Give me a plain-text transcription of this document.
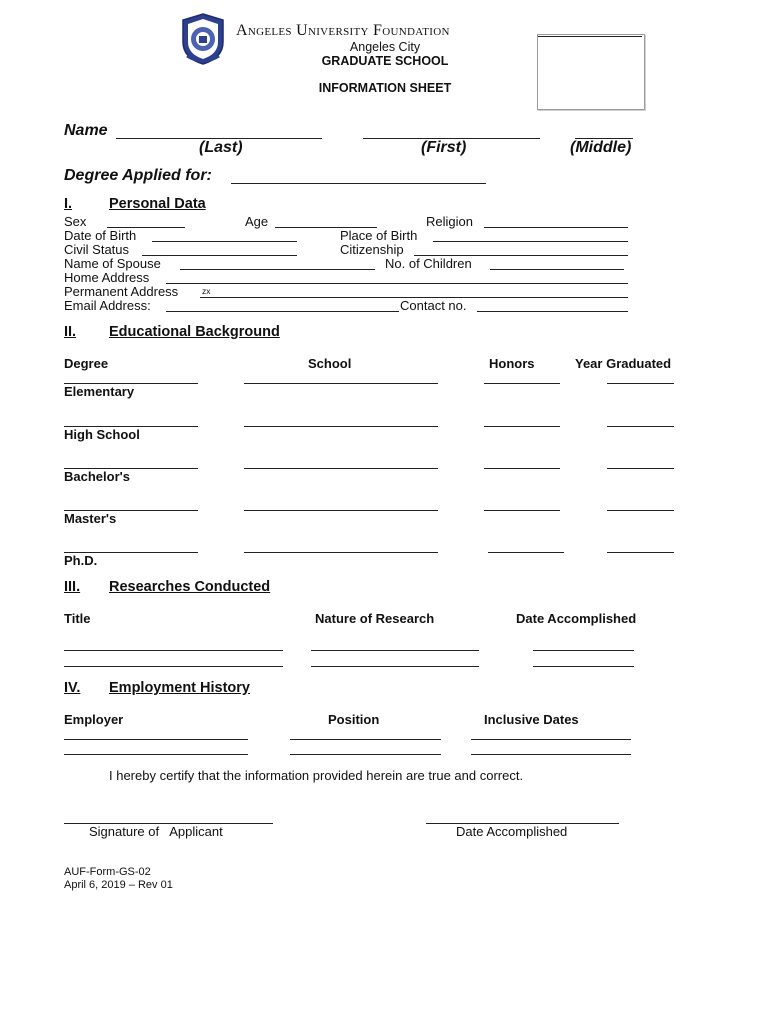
Angeles University Foundation
Angeles City
GRADUATE SCHOOL
INFORMATION SHEET
Name
(Last)	(First)	(Middle)
Degree Applied for:
I.	Personal Data
Sex	Age	Religion
Date of Birth	Place of Birth
Civil Status	Citizenship
Name of Spouse	No. of Children
Home Address
Permanent Address	zx
Email Address:	Contact no.
II. Educational Background
Degree	School	Honors	Year Graduated
Elementary
High School
Bachelor's
Master's
Ph.D.
III. Researches Conducted
Title	Nature of Research	Date Accomplished
IV. Employment History
Employer	Position	Inclusive Dates
I hereby certify that the information provided herein are true and correct.
Signature of   Applicant	Date Accomplished
AUF-Form-GS-02
April 6, 2019 – Rev 01
